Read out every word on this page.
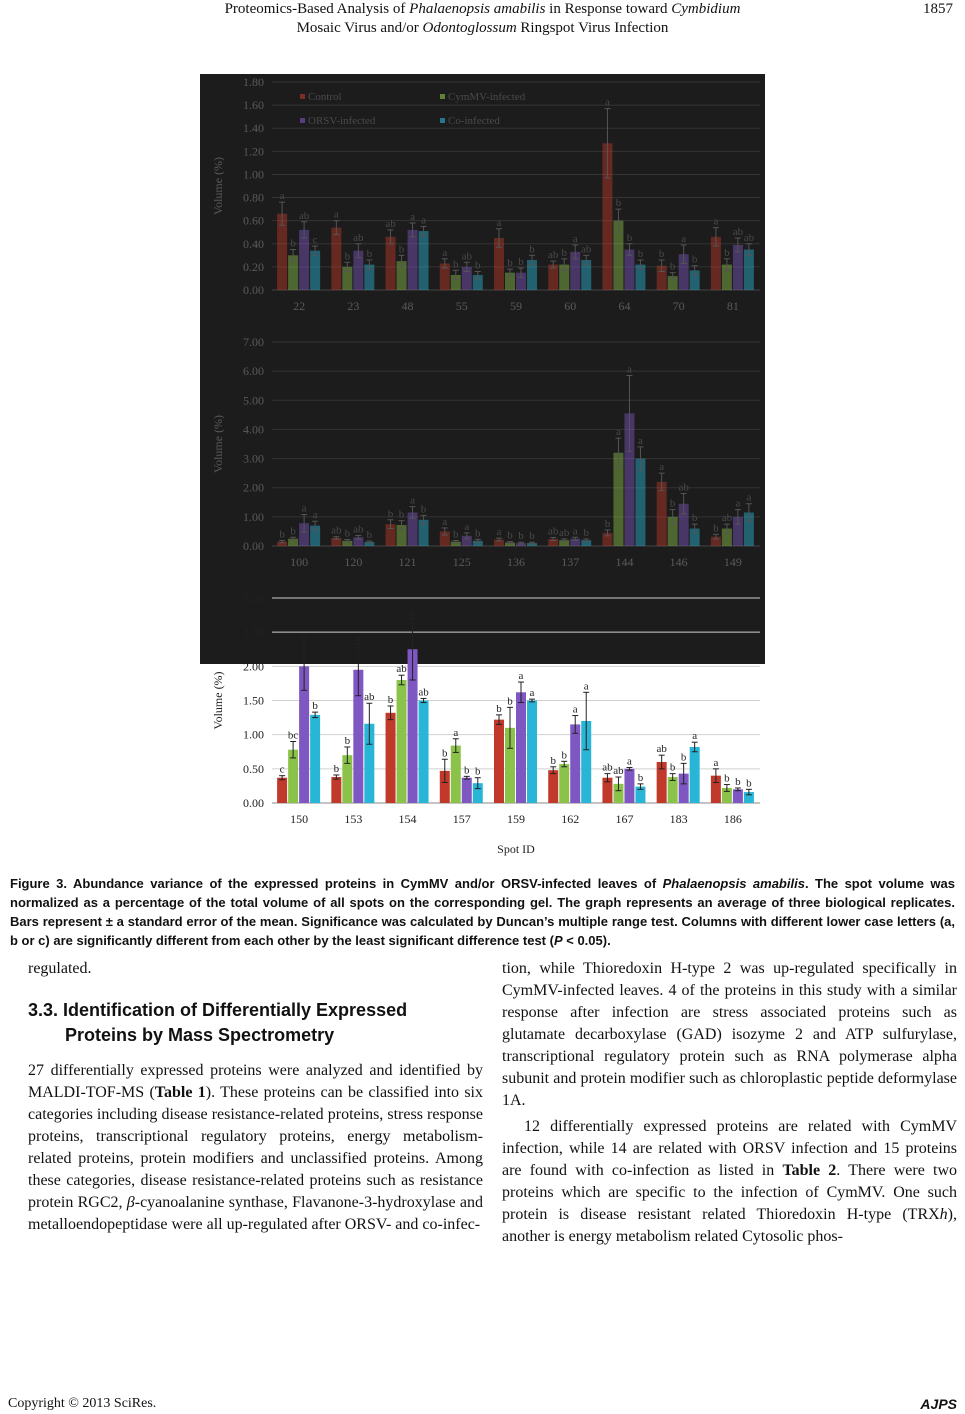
Proteomics-Based Analysis of Phalaenopsis amabilis in Response toward Cymbidium
Mosaic Virus and/or Odontoglossum Ringspot Virus Infection
1857
0.00
0.20
0.40
0.60
0.80
1.00
1.20
1.40
1.60
1.80
Volume (%)	a
b
ab
c
22
a
b
ab
b
23
ab
b
a a
48
a
b
ab
b
55
a
b b
b
59
ab b
a
ab
60
a
b
b
b
64
b
b
a
b
70
a
b
ab ab
81
Control	CymMV-infected
ORSV-infected	Co-infected
0.00
1.00
2.00
3.00
4.00
5.00
6.00
7.00
Volume (%)
b b
a
a
100
ab b ab b
120
b b
a
b
121
a
b
a
b
125
a b b b
136
ab ab a b
137
b
a
a
a
144
a
b
ab
b
146
b
ab
a a
149
0.00
0.50
1.00
1.50
2.00
2.50
3.00
Volume (%)
c
bc
a
b
150
b
b
a
ab
153
b
ab
a
ab
154
b
a
b b
157
b
b
a
a
159
b b
a
a
162
ab ab
a
b
167
ab
b
b
a
183
a
b b b
186
Spot ID
Figure 3. Abundance variance of the expressed proteins in CymMV and/or ORSV-infected leaves of Phalaenopsis amabilis. The spot volume was normalized as a percentage of the total volume of all spots on the corresponding gel. The graph represents an average of three biological replicates. Bars represent ± a standard error of the mean. Significance was calculated by Duncan’s multiple range test. Columns with different lower case letters (a, b or c) are significantly different from each other by the least significant difference test (P < 0.05).

regulated.

3.3. Identification of Differentially Expressed
Proteins by Mass Spectrometry

27 differentially expressed proteins were analyzed and identified by MALDI-TOF-MS (Table 1). These proteins can be classified into six categories including disease resistance-related proteins, stress response proteins, transcriptional regulatory proteins, energy metabolism-related proteins, protein modifiers and unclassified proteins. Among these categories, disease resistance-related proteins such as resistance protein RGC2, β-cyanoalanine synthase, Flavanone-3-hydroxylase and metalloendopeptidase were all up-regulated after ORSV- and co-infec-

tion, while Thioredoxin H-type 2 was up-regulated specifically in CymMV-infected leaves. 4 of the proteins in this study with a similar response after infection are stress associated proteins such as glutamate decarboxylase (GAD) isozyme 2 and ATP sulfurylase, transcriptional regulatory protein such as RNA polymerase alpha subunit and protein modifier such as chloroplastic peptide deformylase 1A.

12 differentially expressed proteins are related with CymMV infection, while 14 are related with ORSV infection and 15 proteins are found with co-infection as listed in Table 2. There were two proteins which are specific to the infection of CymMV. One such protein is disease resistant related Thioredoxin H-type (TRXh), another is energy metabolism related Cytosolic phos-

Copyright © 2013 SciRes.	AJPS
